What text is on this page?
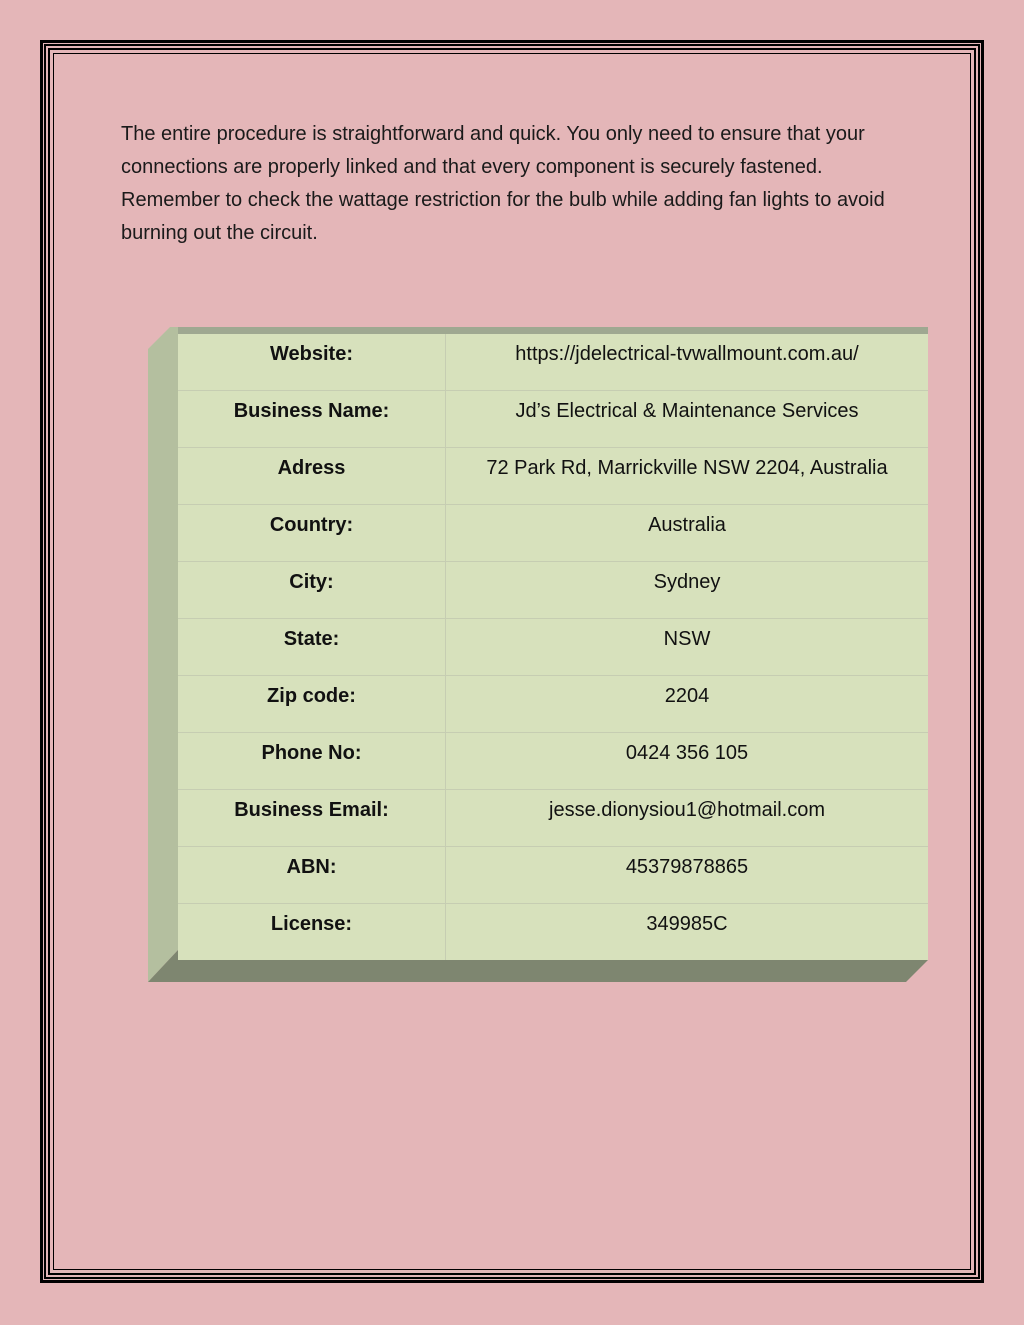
The entire procedure is straightforward and quick. You only need to ensure that your connections are properly linked and that every component is securely fastened. Remember to check the wattage restriction for the bulb while adding fan lights to avoid burning out the circuit.

Website:	https://jdelectrical-tvwallmount.com.au/

Business Name:	Jd’s Electrical & Maintenance Services

Adress	72 Park Rd, Marrickville NSW 2204, Australia

Country:	Australia

City:	Sydney

State:	NSW

Zip code:	2204

Phone No:	0424 356 105

Business Email:	jesse.dionysiou1@hotmail.com

ABN:	45379878865

License:	349985C
